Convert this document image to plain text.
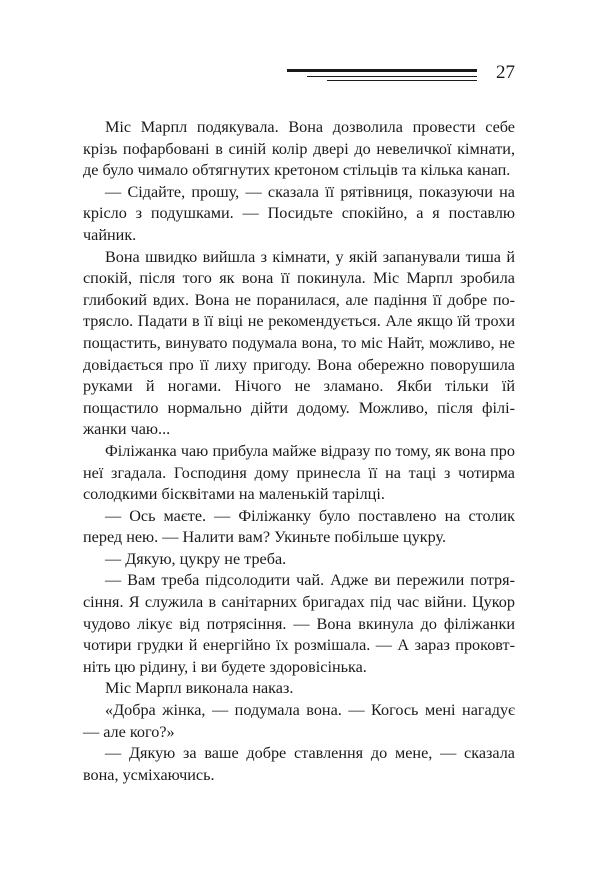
27

Міс Марпл подякувала. Вона дозволила провести себе крізь пофарбовані в синій колір двері до невеличкої кімнати, де було чимало обтягнутих кретоном стільців та кілька канап.

— Сідайте, прошу, — сказала її рятівниця, показуючи на крісло з подушками. — Посидьте спокійно, а я поставлю чайник.

Вона швидко вийшла з кімнати, у якій запанували тиша й спокій, після того як вона її покинула. Міс Марпл зробила глибокий вдих. Вона не поранилася, але падіння її добре потрясло. Падати в її віці не рекомендується. Але якщо їй трохи пощастить, винувато подумала вона, то міс Найт, можливо, не довідається про її лиху пригоду. Вона обережно поворушила руками й ногами. Нічого не зламано. Якби тільки їй пощастило нормально дійти додому. Можливо, після філіжанки чаю...

Філіжанка чаю прибула майже відразу по тому, як вона про неї згадала. Господиня дому принесла її на таці з чотирма солодкими бісквітами на маленькій тарілці.

— Ось маєте. — Філіжанку було поставлено на столик перед нею. — Налити вам? Укиньте побільше цукру.

— Дякую, цукру не треба.

— Вам треба підсолодити чай. Адже ви пережили потрясіння. Я служила в санітарних бригадах під час війни. Цукор чудово лікує від потрясіння. — Вона вкинула до філіжанки чотири грудки й енергійно їх розмішала. — А зараз проковтніть цю рідину, і ви будете здоровісінька.

Міс Марпл виконала наказ.

«Добра жінка, — подумала вона. — Когось мені нагадує — але кого?»

— Дякую за ваше добре ставлення до мене, — сказала вона, усміхаючись.
